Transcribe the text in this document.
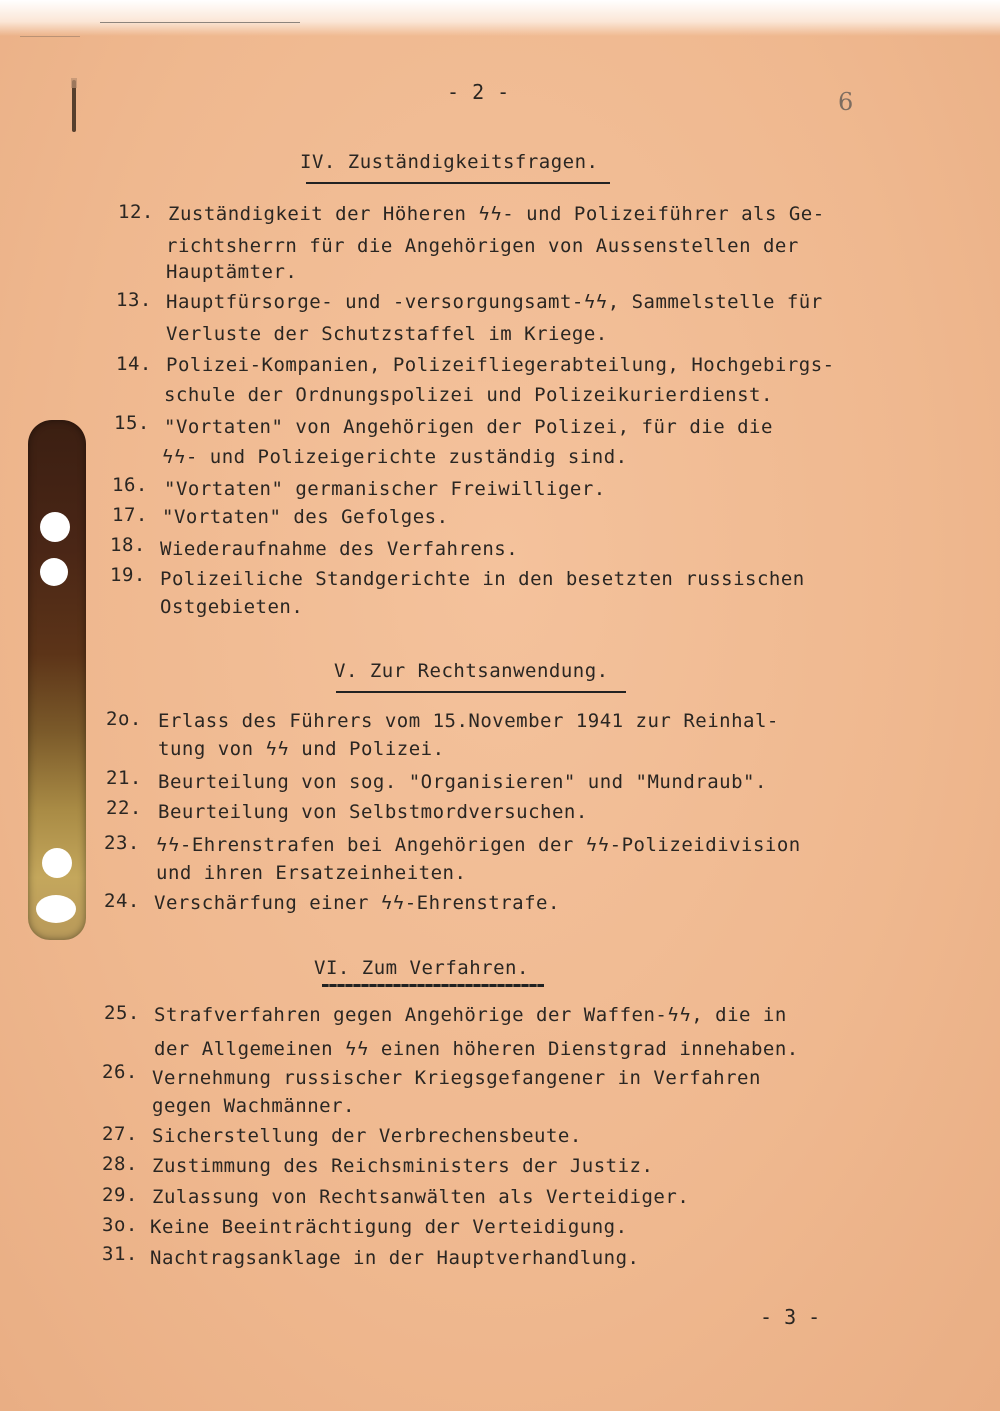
- 2 -	6
IV. Zuständigkeitsfragen.
12. Zuständigkeit der Höheren ϟϟ- und Polizeiführer als Ge-
richtsherrn für die Angehörigen von Aussenstellen der
Hauptämter.
13. Hauptfürsorge- und -versorgungsamt-ϟϟ, Sammelstelle für
Verluste der Schutzstaffel im Kriege.
14. Polizei-Kompanien, Polizeifliegerabteilung, Hochgebirgs-
schule der Ordnungspolizei und Polizeikurierdienst.
15. "Vortaten" von Angehörigen der Polizei, für die die
ϟϟ- und Polizeigerichte zuständig sind.
16. "Vortaten" germanischer Freiwilliger.
17. "Vortaten" des Gefolges.
18. Wiederaufnahme des Verfahrens.
19. Polizeiliche Standgerichte in den besetzten russischen
Ostgebieten.
V. Zur Rechtsanwendung.
2o. Erlass des Führers vom 15.November 1941 zur Reinhal-
tung von ϟϟ und Polizei.
21. Beurteilung von sog. "Organisieren" und "Mundraub".
22. Beurteilung von Selbstmordversuchen.
23. ϟϟ-Ehrenstrafen bei Angehörigen der ϟϟ-Polizeidivision
und ihren Ersatzeinheiten.
24. Verschärfung einer ϟϟ-Ehrenstrafe.
VI. Zum Verfahren.
25. Strafverfahren gegen Angehörige der Waffen-ϟϟ, die in
der Allgemeinen ϟϟ einen höheren Dienstgrad innehaben.
26. Vernehmung russischer Kriegsgefangener in Verfahren
gegen Wachmänner.
27. Sicherstellung der Verbrechensbeute.
28. Zustimmung des Reichsministers der Justiz.
29. Zulassung von Rechtsanwälten als Verteidiger.
3o. Keine Beeinträchtigung der Verteidigung.
31. Nachtragsanklage in der Hauptverhandlung.
- 3 -
